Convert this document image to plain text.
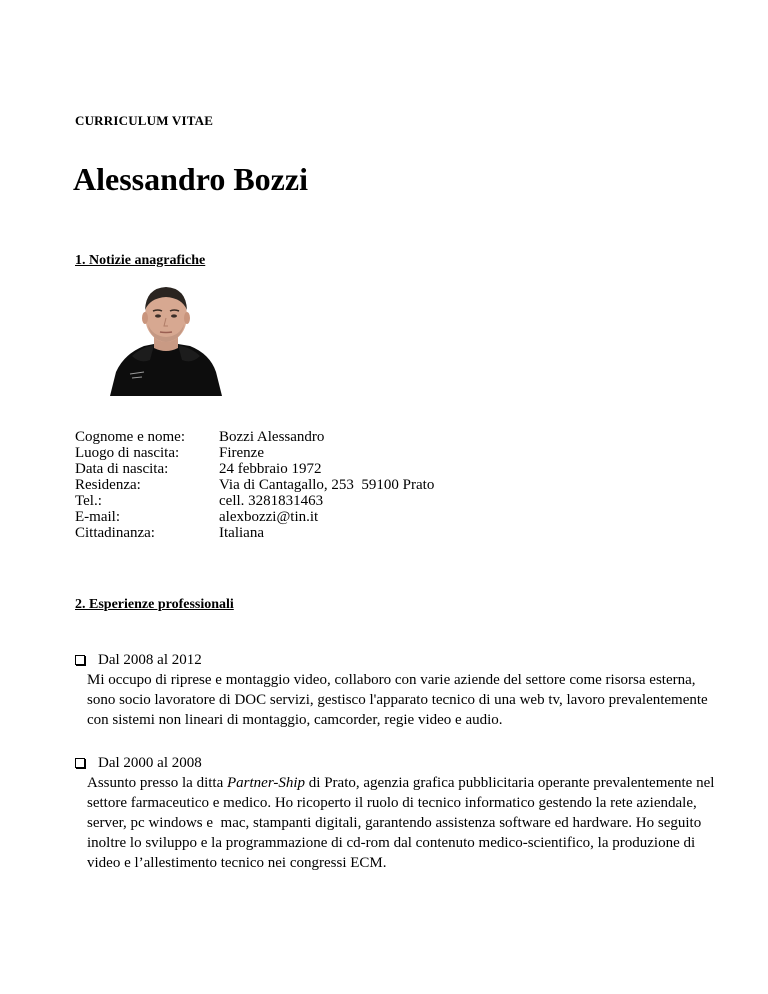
CURRICULUM VITAE
Alessandro Bozzi
1. Notizie anagrafiche
Cognome e nome:	Bozzi Alessandro
Luogo di nascita:	Firenze
Data di nascita:	24 febbraio 1972
Residenza:	Via di Cantagallo, 253  59100 Prato
Tel.:	cell. 3281831463
E-mail:	alexbozzi@tin.it
Cittadinanza:	Italiana
2. Esperienze professionali
Dal 2008 al 2012
Mi occupo di riprese e montaggio video, collaboro con varie aziende del settore come risorsa esterna, sono socio lavoratore di DOC servizi, gestisco l'apparato tecnico di una web tv, lavoro prevalentemente con sistemi non lineari di montaggio, camcorder, regie video e audio.
Dal 2000 al 2008
Assunto presso la ditta Partner-Ship di Prato, agenzia grafica pubblicitaria operante prevalentemente nel settore farmaceutico e medico. Ho ricoperto il ruolo di tecnico informatico gestendo la rete aziendale, server, pc windows e  mac, stampanti digitali, garantendo assistenza software ed hardware. Ho seguito inoltre lo sviluppo e la programmazione di cd-rom dal contenuto medico-scientifico, la produzione di video e l’allestimento tecnico nei congressi ECM.
